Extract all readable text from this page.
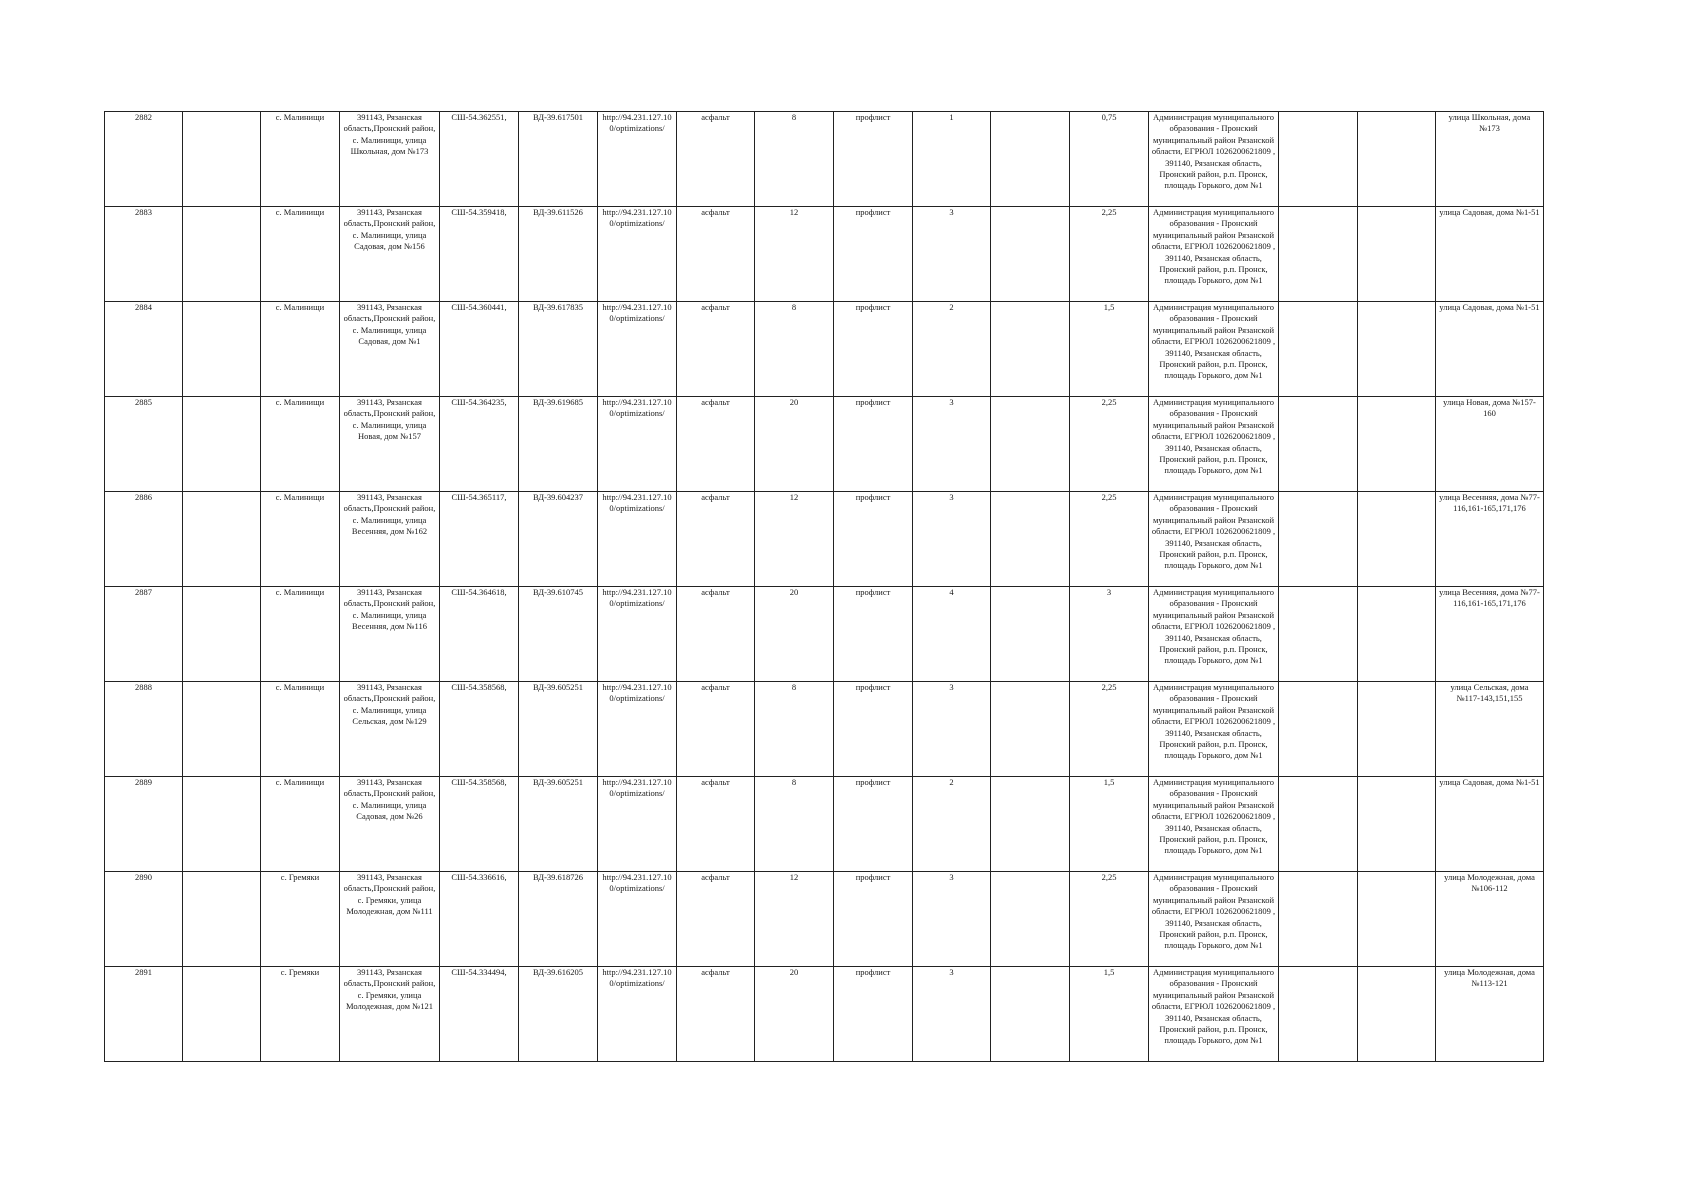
2882		с. Малинищи	391143, Рязанская область,Пронский район, с. Малинищи, улица Школьная, дом №173	СШ-54.362551,	ВД-39.617501	http://94.231.127.100/optimizations/	асфальт	8	профлист	1		0,75	Администрация муниципального образования - Пронский муниципальный район Рязанской области, ЕГРЮЛ 1026200621809 , 391140, Рязанская область, Пронский район, р.п. Пронск, площадь Горького, дом №1			улица Школьная, дома №173
2883		с. Малинищи	391143, Рязанская область,Пронский район, с. Малинищи, улица Садовая, дом №156	СШ-54.359418,	ВД-39.611526	http://94.231.127.100/optimizations/	асфальт	12	профлист	3		2,25	Администрация муниципального образования - Пронский муниципальный район Рязанской области, ЕГРЮЛ 1026200621809 , 391140, Рязанская область, Пронский район, р.п. Пронск, площадь Горького, дом №1			улица Садовая, дома №1-51
2884		с. Малинищи	391143, Рязанская область,Пронский район, с. Малинищи, улица Садовая, дом №1	СШ-54.360441,	ВД-39.617835	http://94.231.127.100/optimizations/	асфальт	8	профлист	2		1,5	Администрация муниципального образования - Пронский муниципальный район Рязанской области, ЕГРЮЛ 1026200621809 , 391140, Рязанская область, Пронский район, р.п. Пронск, площадь Горького, дом №1			улица Садовая, дома №1-51
2885		с. Малинищи	391143, Рязанская область,Пронский район, с. Малинищи, улица Новая, дом №157	СШ-54.364235,	ВД-39.619685	http://94.231.127.100/optimizations/	асфальт	20	профлист	3		2,25	Администрация муниципального образования - Пронский муниципальный район Рязанской области, ЕГРЮЛ 1026200621809 , 391140, Рязанская область, Пронский район, р.п. Пронск, площадь Горького, дом №1			улица Новая, дома №157-160
2886		с. Малинищи	391143, Рязанская область,Пронский район, с. Малинищи, улица Весенняя, дом №162	СШ-54.365117,	ВД-39.604237	http://94.231.127.100/optimizations/	асфальт	12	профлист	3		2,25	Администрация муниципального образования - Пронский муниципальный район Рязанской области, ЕГРЮЛ 1026200621809 , 391140, Рязанская область, Пронский район, р.п. Пронск, площадь Горького, дом №1			улица Весенняя, дома №77-116,161-165,171,176
2887		с. Малинищи	391143, Рязанская область,Пронский район, с. Малинищи, улица Весенняя, дом №116	СШ-54.364618,	ВД-39.610745	http://94.231.127.100/optimizations/	асфальт	20	профлист	4		3	Администрация муниципального образования - Пронский муниципальный район Рязанской области, ЕГРЮЛ 1026200621809 , 391140, Рязанская область, Пронский район, р.п. Пронск, площадь Горького, дом №1			улица Весенняя, дома №77-116,161-165,171,176
2888		с. Малинищи	391143, Рязанская область,Пронский район, с. Малинищи, улица Сельская, дом №129	СШ-54.358568,	ВД-39.605251	http://94.231.127.100/optimizations/	асфальт	8	профлист	3		2,25	Администрация муниципального образования - Пронский муниципальный район Рязанской области, ЕГРЮЛ 1026200621809 , 391140, Рязанская область, Пронский район, р.п. Пронск, площадь Горького, дом №1			улица Сельская, дома №117-143,151,155
2889		с. Малинищи	391143, Рязанская область,Пронский район, с. Малинищи, улица Садовая, дом №26	СШ-54.358568,	ВД-39.605251	http://94.231.127.100/optimizations/	асфальт	8	профлист	2		1,5	Администрация муниципального образования - Пронский муниципальный район Рязанской области, ЕГРЮЛ 1026200621809 , 391140, Рязанская область, Пронский район, р.п. Пронск, площадь Горького, дом №1			улица Садовая, дома №1-51
2890		с. Гремяки	391143, Рязанская область,Пронский район, с. Гремяки, улица Молодежная, дом №111	СШ-54.336616,	ВД-39.618726	http://94.231.127.100/optimizations/	асфальт	12	профлист	3		2,25	Администрация муниципального образования - Пронский муниципальный район Рязанской области, ЕГРЮЛ 1026200621809 , 391140, Рязанская область, Пронский район, р.п. Пронск, площадь Горького, дом №1			улица Молодежная, дома №106-112
2891		с. Гремяки	391143, Рязанская область,Пронский район, с. Гремяки, улица Молодежная, дом №121	СШ-54.334494,	ВД-39.616205	http://94.231.127.100/optimizations/	асфальт	20	профлист	3		1,5	Администрация муниципального образования - Пронский муниципальный район Рязанской области, ЕГРЮЛ 1026200621809 , 391140, Рязанская область, Пронский район, р.п. Пронск, площадь Горького, дом №1			улица Молодежная, дома №113-121
